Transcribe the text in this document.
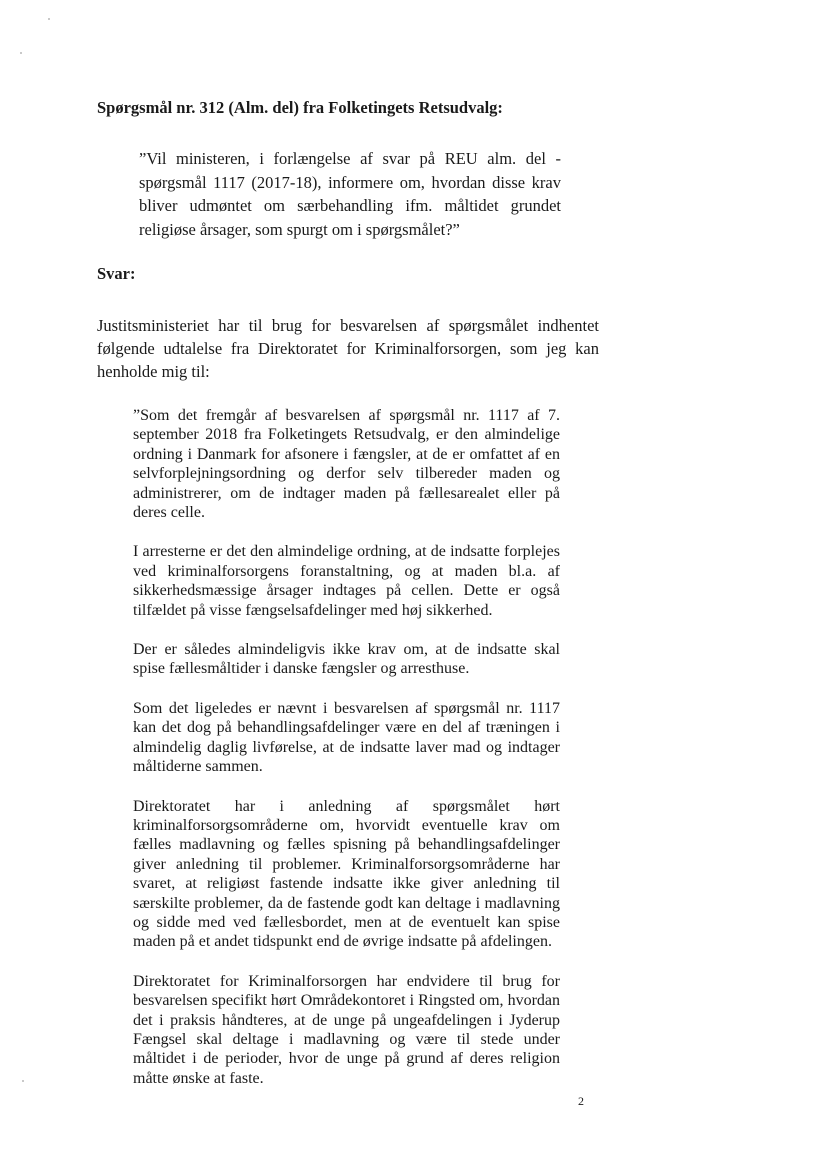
Spørgsmål nr. 312 (Alm. del) fra Folketingets Retsudvalg:

”Vil ministeren, i forlængelse af svar på REU alm. del - spørgsmål 1117 (2017-18), informere om, hvordan disse krav bliver udmøntet om særbehandling ifm. måltidet grundet religiøse årsager, som spurgt om i spørgsmålet?”

Svar:

Justitsministeriet har til brug for besvarelsen af spørgsmålet indhentet følgende udtalelse fra Direktoratet for Kriminalforsorgen, som jeg kan henholde mig til:

”Som det fremgår af besvarelsen af spørgsmål nr. 1117 af 7. september 2018 fra Folketingets Retsudvalg, er den almindelige ordning i Danmark for afsonere i fængsler, at de er omfattet af en selvforplejningsordning og derfor selv tilbereder maden og administrerer, om de indtager maden på fællesarealet eller på deres celle.

I arresterne er det den almindelige ordning, at de indsatte forplejes ved kriminalforsorgens foranstaltning, og at maden bl.a. af sikkerhedsmæssige årsager indtages på cellen. Dette er også tilfældet på visse fængselsafdelinger med høj sikkerhed.

Der er således almindeligvis ikke krav om, at de indsatte skal spise fællesmåltider i danske fængsler og arresthuse.

Som det ligeledes er nævnt i besvarelsen af spørgsmål nr. 1117 kan det dog på behandlingsafdelinger være en del af træningen i almindelig daglig livførelse, at de indsatte laver mad og indtager måltiderne sammen.

Direktoratet har i anledning af spørgsmålet hørt kriminalforsorgsområderne om, hvorvidt eventuelle krav om fælles madlavning og fælles spisning på behandlingsafdelinger giver anledning til problemer. Kriminalforsorgsområderne har svaret, at religiøst fastende indsatte ikke giver anledning til særskilte problemer, da de fastende godt kan deltage i madlavning og sidde med ved fællesbordet, men at de eventuelt kan spise maden på et andet tidspunkt end de øvrige indsatte på afdelingen.

Direktoratet for Kriminalforsorgen har endvidere til brug for besvarelsen specifikt hørt Områdekontoret i Ringsted om, hvordan det i praksis håndteres, at de unge på ungeafdelingen i Jyderup Fængsel skal deltage i madlavning og være til stede under måltidet i de perioder, hvor de unge på grund af deres religion måtte ønske at faste.

2
